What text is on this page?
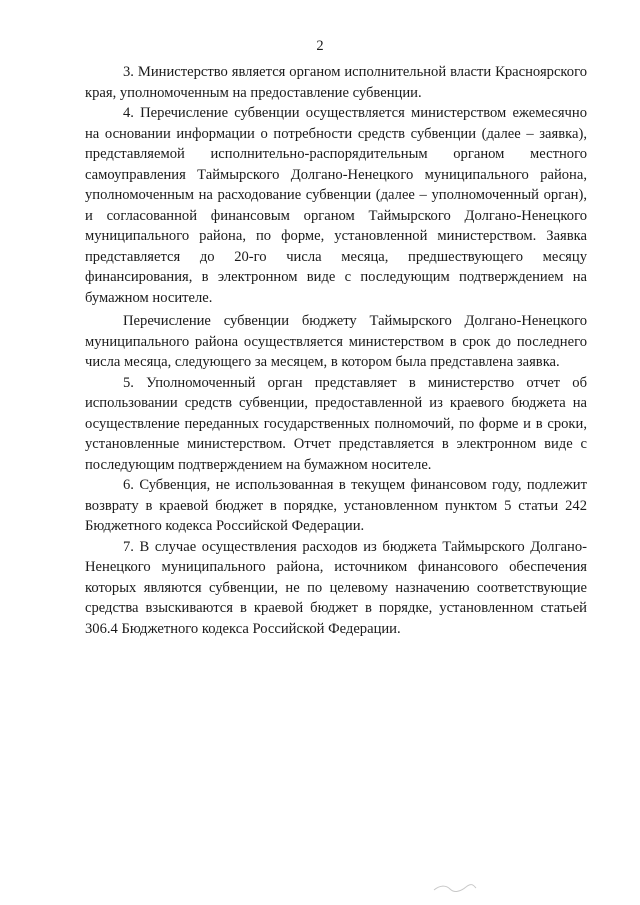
2

3. Министерство является органом исполнительной власти Красноярского края, уполномоченным на предоставление субвенции.

4. Перечисление субвенции осуществляется министерством ежемесячно на основании информации о потребности средств субвенции (далее – заявка), представляемой исполнительно-распорядительным органом местного самоуправления Таймырского Долгано-Ненецкого муниципального района, уполномоченным на расходование субвенции (далее – уполномоченный орган), и согласованной финансовым органом Таймырского Долгано-Ненецкого муниципального района, по форме, установленной министерством. Заявка представляется до 20-го числа месяца, предшествующего месяцу финансирования, в электронном виде с последующим подтверждением на бумажном носителе.

Перечисление субвенции бюджету Таймырского Долгано-Ненецкого муниципального района осуществляется министерством в срок до последнего числа месяца, следующего за месяцем, в котором была представлена заявка.

5. Уполномоченный орган представляет в министерство отчет об использовании средств субвенции, предоставленной из краевого бюджета на осуществление переданных государственных полномочий, по форме и в сроки, установленные министерством. Отчет представляется в электронном виде с последующим подтверждением на бумажном носителе.

6. Субвенция, не использованная в текущем финансовом году, подлежит возврату в краевой бюджет в порядке, установленном пунктом 5 статьи 242 Бюджетного кодекса Российской Федерации.

7. В случае осуществления расходов из бюджета Таймырского Долгано-Ненецкого муниципального района, источником финансового обеспечения которых являются субвенции, не по целевому назначению соответствующие средства взыскиваются в краевой бюджет в порядке, установленном статьей 306.4 Бюджетного кодекса Российской Федерации.
